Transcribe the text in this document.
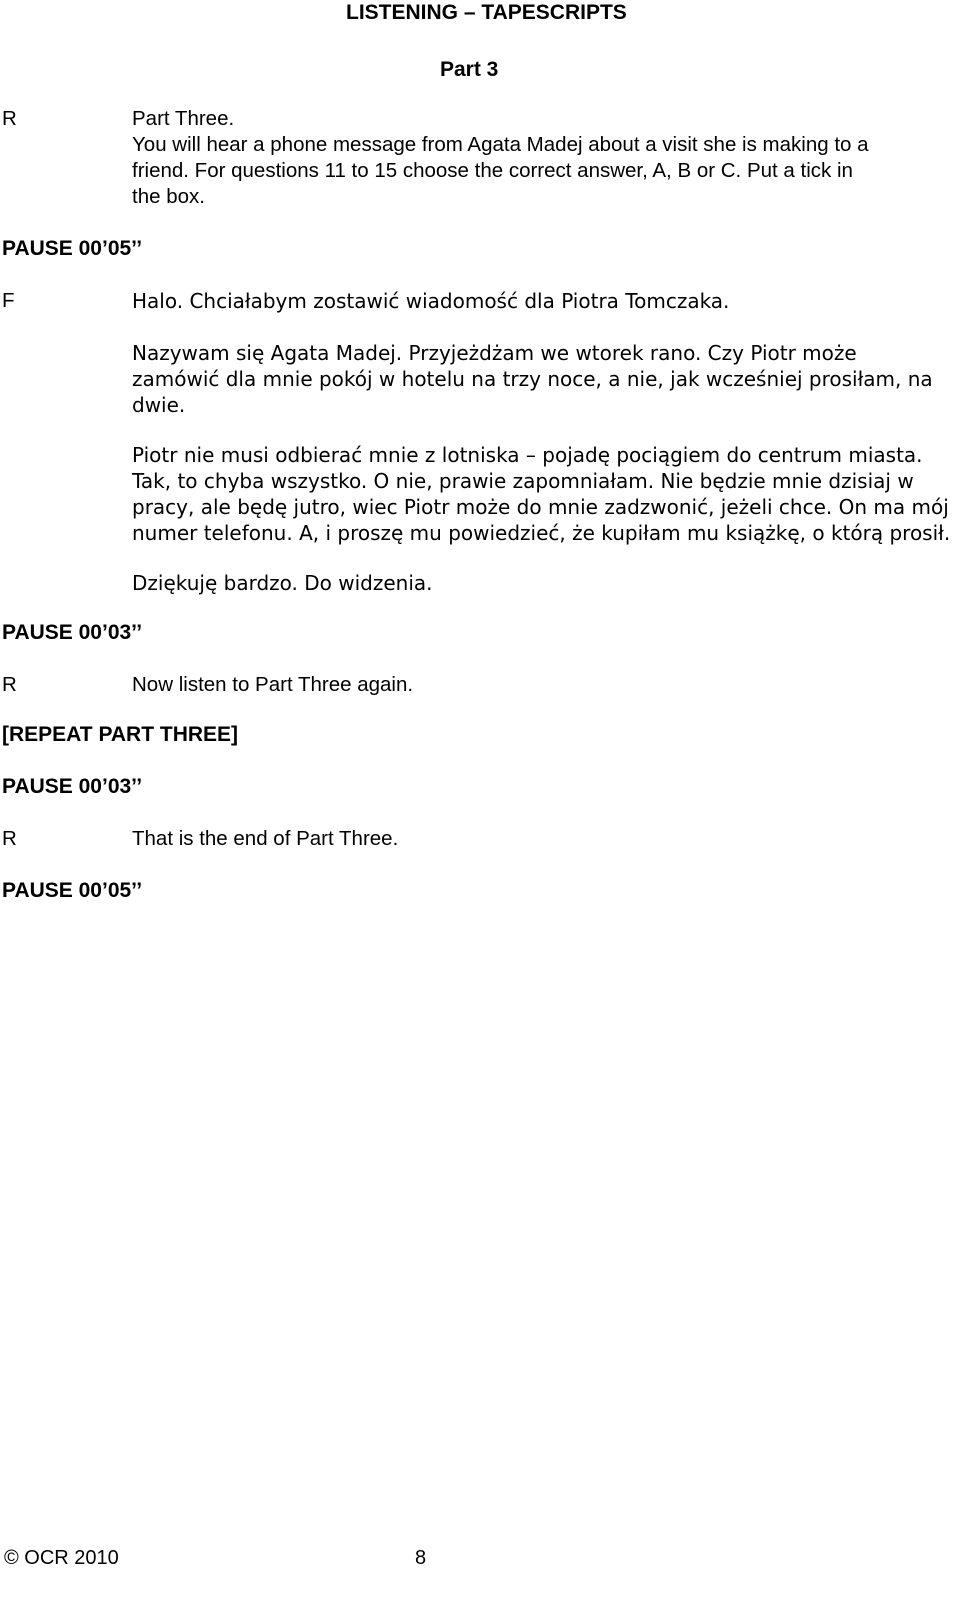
LISTENING – TAPESCRIPTS
Part 3
R	Part Three.
You will hear a phone message from Agata Madej about a visit she is making to a
friend. For questions 11 to 15 choose the correct answer, A, B or C. Put a tick in
the box.
PAUSE 00’05’’
F	Halo. Chciałabym zostawić wiadomość dla Piotra Tomczaka.
Nazywam się Agata Madej. Przyjeżdżam we wtorek rano. Czy Piotr może
zamówić dla mnie pokój w hotelu na trzy noce, a nie, jak wcześniej prosiłam, na
dwie.
Piotr nie musi odbierać mnie z lotniska – pojadę pociągiem do centrum miasta.
Tak, to chyba wszystko. O nie, prawie zapomniałam. Nie będzie mnie dzisiaj w
pracy, ale będę jutro, wiec Piotr może do mnie zadzwonić, jeżeli chce. On ma mój
numer telefonu. A, i proszę mu powiedzieć, że kupiłam mu książkę, o którą prosił.
Dziękuję bardzo. Do widzenia.
PAUSE 00’03’’
R	Now listen to Part Three again.
[REPEAT PART THREE]
PAUSE 00’03’’
R	That is the end of Part Three.
PAUSE 00’05’’
© OCR 2010	8
